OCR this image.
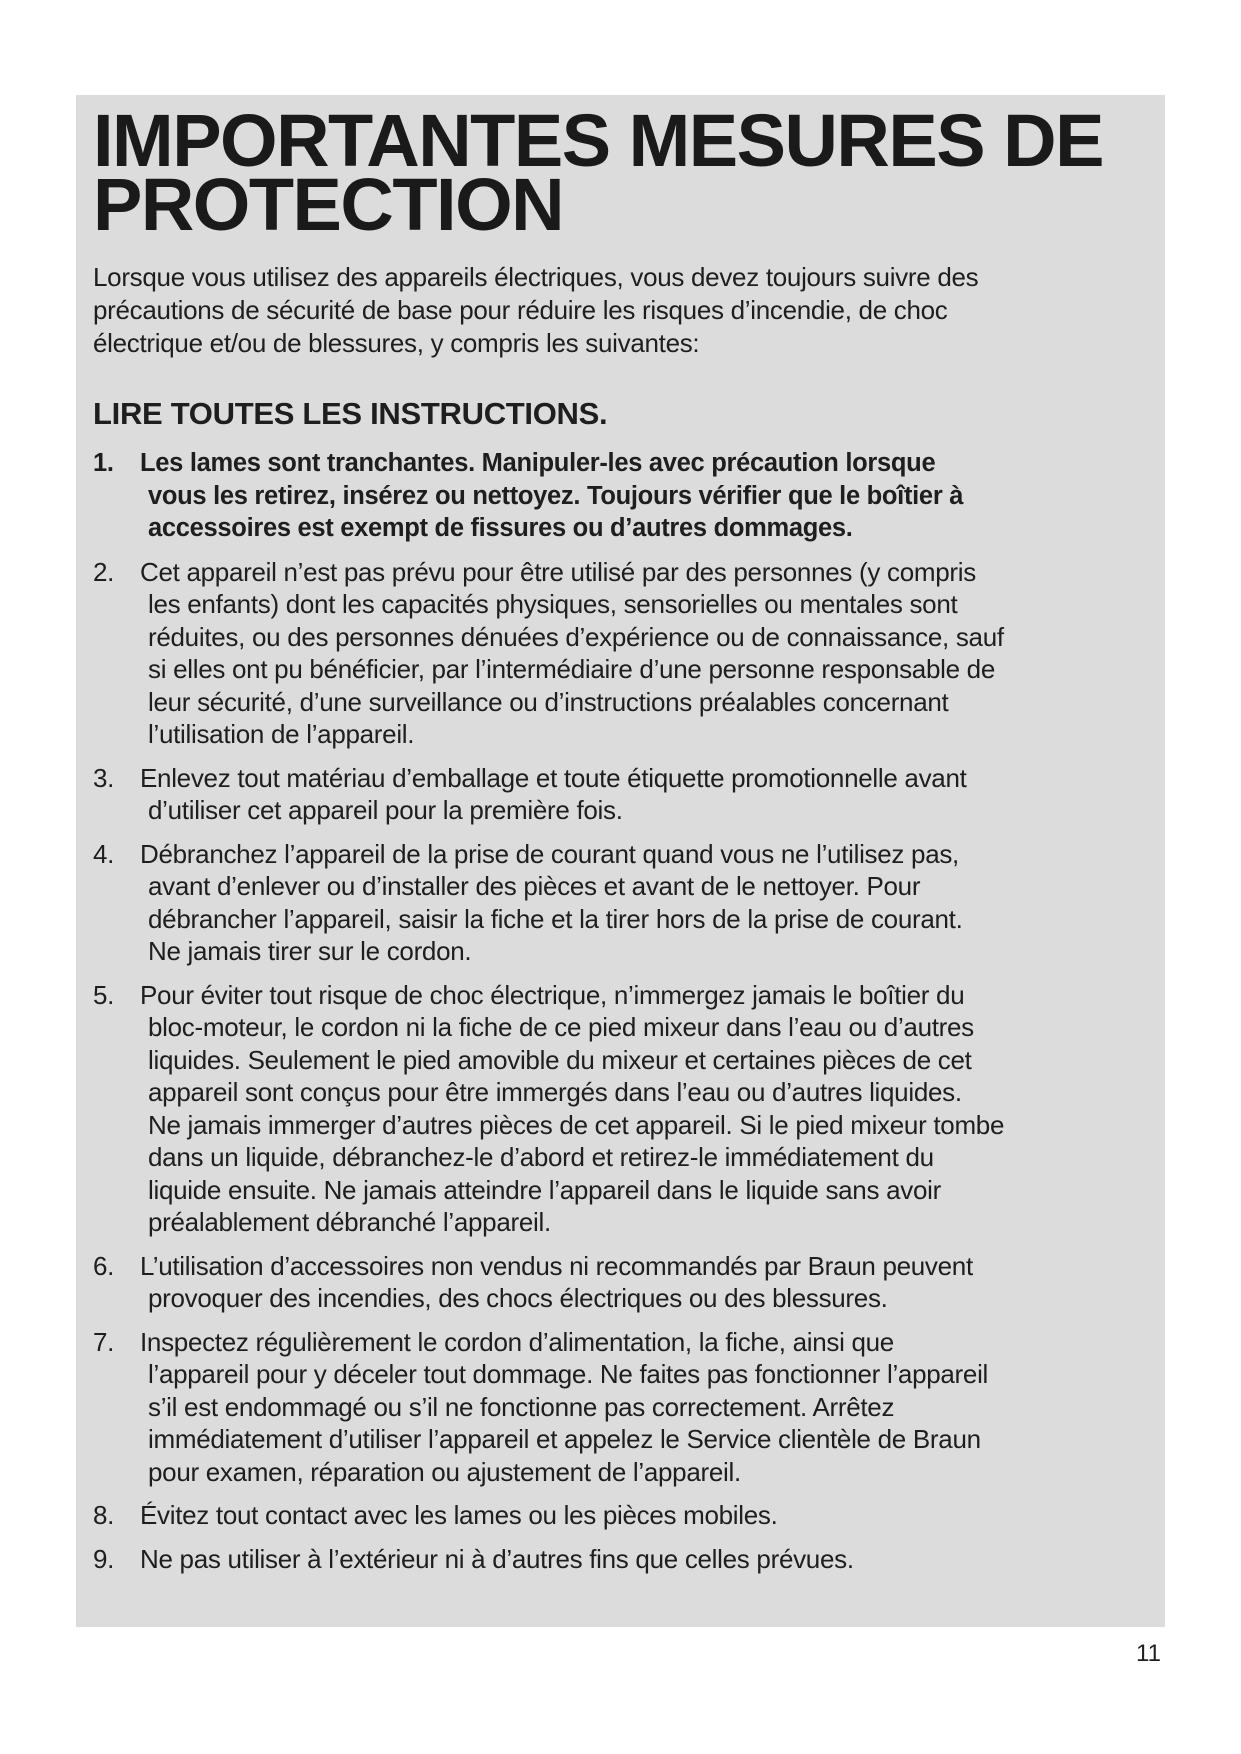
IMPORTANTES MESURES DE
PROTECTION
Lorsque vous utilisez des appareils électriques, vous devez toujours suivre des
précautions de sécurité de base pour réduire les risques d’incendie, de choc
électrique et/ou de blessures, y compris les suivantes:
LIRE TOUTES LES INSTRUCTIONS.
1. Les lames sont tranchantes. Manipuler-les avec précaution lorsque
vous les retirez, insérez ou nettoyez. Toujours vérifier que le boîtier à
accessoires est exempt de fissures ou d’autres dommages.
2. Cet appareil n’est pas prévu pour être utilisé par des personnes (y compris
les enfants) dont les capacités physiques, sensorielles ou mentales sont
réduites, ou des personnes dénuées d’expérience ou de connaissance, sauf
si elles ont pu bénéficier, par l’intermédiaire d’une personne responsable de
leur sécurité, d’une surveillance ou d’instructions préalables concernant
l’utilisation de l’appareil.
3. Enlevez tout matériau d’emballage et toute étiquette promotionnelle avant
d’utiliser cet appareil pour la première fois.
4. Débranchez l’appareil de la prise de courant quand vous ne l’utilisez pas,
avant d’enlever ou d’installer des pièces et avant de le nettoyer. Pour
débrancher l’appareil, saisir la fiche et la tirer hors de la prise de courant.
Ne jamais tirer sur le cordon.
5. Pour éviter tout risque de choc électrique, n’immergez jamais le boîtier du
bloc-moteur, le cordon ni la fiche de ce pied mixeur dans l’eau ou d’autres
liquides. Seulement le pied amovible du mixeur et certaines pièces de cet
appareil sont conçus pour être immergés dans l’eau ou d’autres liquides.
Ne jamais immerger d’autres pièces de cet appareil. Si le pied mixeur tombe
dans un liquide, débranchez-le d’abord et retirez-le immédiatement du
liquide ensuite. Ne jamais atteindre l’appareil dans le liquide sans avoir
préalablement débranché l’appareil.
6. L’utilisation d’accessoires non vendus ni recommandés par Braun peuvent
provoquer des incendies, des chocs électriques ou des blessures.
7. Inspectez régulièrement le cordon d’alimentation, la fiche, ainsi que
l’appareil pour y déceler tout dommage. Ne faites pas fonctionner l’appareil
s’il est endommagé ou s’il ne fonctionne pas correctement. Arrêtez
immédiatement d’utiliser l’appareil et appelez le Service clientèle de Braun
pour examen, réparation ou ajustement de l’appareil.
8. Évitez tout contact avec les lames ou les pièces mobiles.
9. Ne pas utiliser à l’extérieur ni à d’autres fins que celles prévues.
11
